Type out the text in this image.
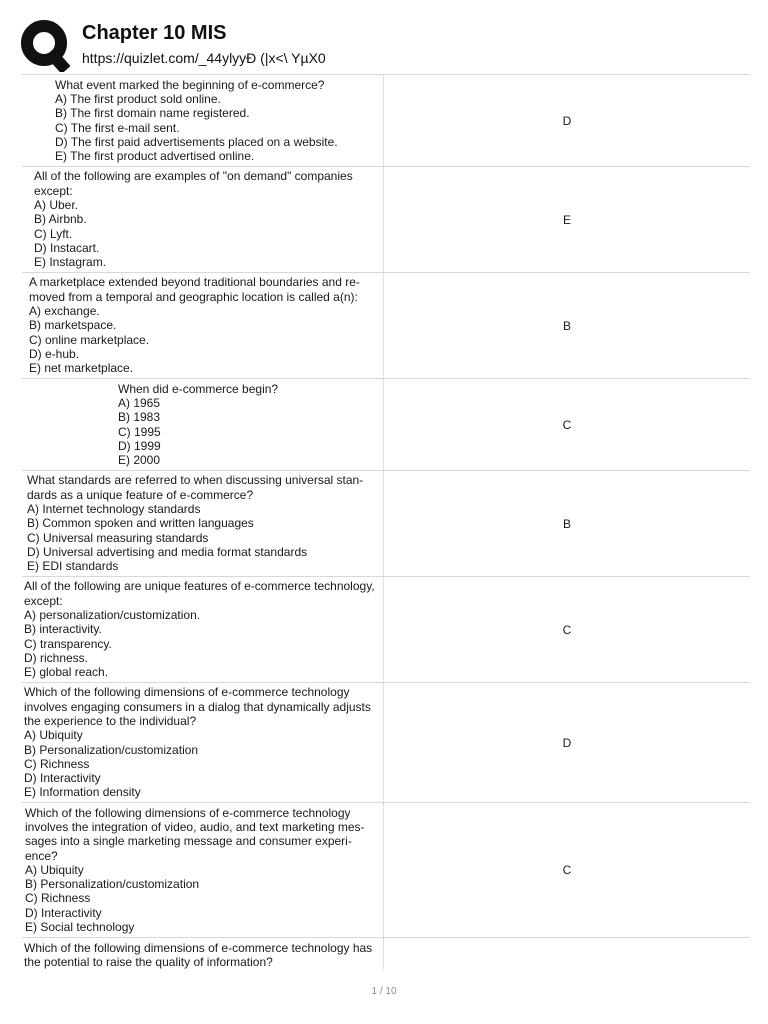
Chapter 10 MIS
https://quizlet.com/_44ylyyĐ (|x<\ YµX0
What event marked the beginning of e-commerce?
A) The first product sold online.
B) The first domain name registered.
C) The first e-mail sent.
D) The first paid advertisements placed on a website.
E) The first product advertised online.
D
All of the following are examples of "on demand" companies
except:
A) Uber.
B) Airbnb.
C) Lyft.
D) Instacart.
E) Instagram.
E
A marketplace extended beyond traditional boundaries and re-
moved from a temporal and geographic location is called a(n):
A) exchange.
B) marketspace.
C) online marketplace.
D) e-hub.
E) net marketplace.
B
When did e-commerce begin?
A) 1965
B) 1983
C) 1995
D) 1999
E) 2000
C
What standards are referred to when discussing universal stan-
dards as a unique feature of e-commerce?
A) Internet technology standards
B) Common spoken and written languages
C) Universal measuring standards
D) Universal advertising and media format standards
E) EDI standards
B
All of the following are unique features of e-commerce technology,
except:
A) personalization/customization.
B) interactivity.
C) transparency.
D) richness.
E) global reach.
C
Which of the following dimensions of e-commerce technology
involves engaging consumers in a dialog that dynamically adjusts
the experience to the individual?
A) Ubiquity
B) Personalization/customization
C) Richness
D) Interactivity
E) Information density
D
Which of the following dimensions of e-commerce technology
involves the integration of video, audio, and text marketing mes-
sages into a single marketing message and consumer experi-
ence?
A) Ubiquity
B) Personalization/customization
C) Richness
D) Interactivity
E) Social technology
C
Which of the following dimensions of e-commerce technology has
the potential to raise the quality of information?
1 / 10
